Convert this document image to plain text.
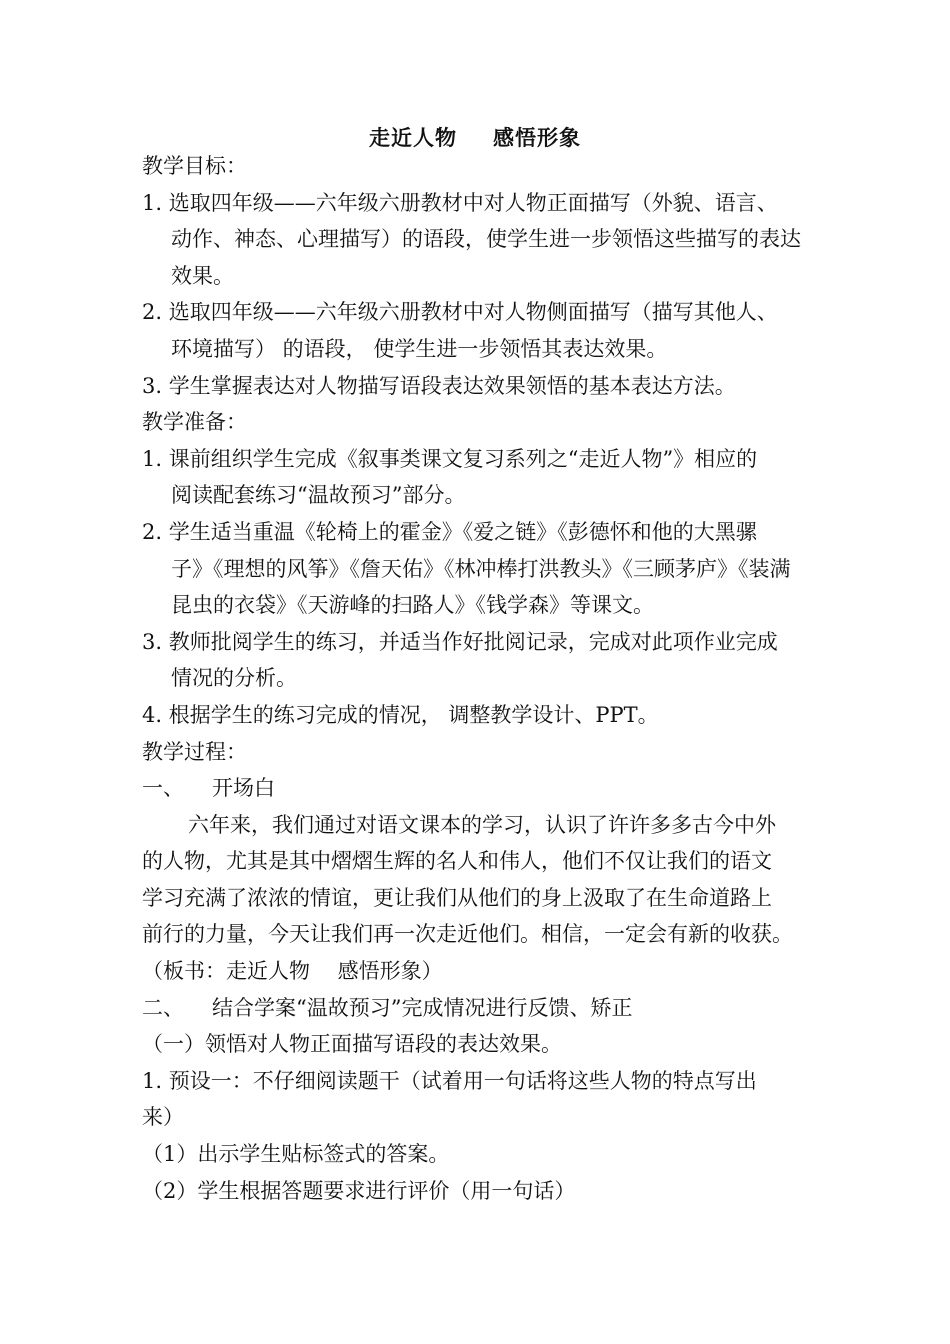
走近人物 感悟形象
教学目标：
1. 选取四年级——六年级六册教材中对人物正面描写（外貌、语言、
动作、神态、心理描写）的语段，使学生进一步领悟这些描写的表达
效果。
2. 选取四年级——六年级六册教材中对人物侧面描写（描写其他人、
环境描写） 的语段， 使学生进一步领悟其表达效果。
3. 学生掌握表达对人物描写语段表达效果领悟的基本表达方法。
教学准备：
1. 课前组织学生完成《叙事类课文复习系列之“走近人物”》相应的
阅读配套练习“温故预习”部分。
2. 学生适当重温《轮椅上的霍金》《爱之链》《彭德怀和他的大黑骡
子》《理想的风筝》《詹天佑》《林冲棒打洪教头》《三顾茅庐》《装满
昆虫的衣袋》《天游峰的扫路人》《钱学森》等课文。
3. 教师批阅学生的练习，并适当作好批阅记录，完成对此项作业完成
情况的分析。
4. 根据学生的练习完成的情况， 调整教学设计、PPT。
教学过程：
一、 开场白
六年来，我们通过对语文课本的学习，认识了许许多多古今中外
的人物，尤其是其中熠熠生辉的名人和伟人，他们不仅让我们的语文
学习充满了浓浓的情谊，更让我们从他们的身上汲取了在生命道路上
前行的力量，今天让我们再一次走近他们。相信，一定会有新的收获。
（板书：走近人物　 感悟形象）
二、 结合学案“温故预习”完成情况进行反馈、矫正
（一）领悟对人物正面描写语段的表达效果。
1. 预设一：不仔细阅读题干（试着用一句话将这些人物的特点写出
来）
（1）出示学生贴标签式的答案。
（2）学生根据答题要求进行评价（用一句话）
